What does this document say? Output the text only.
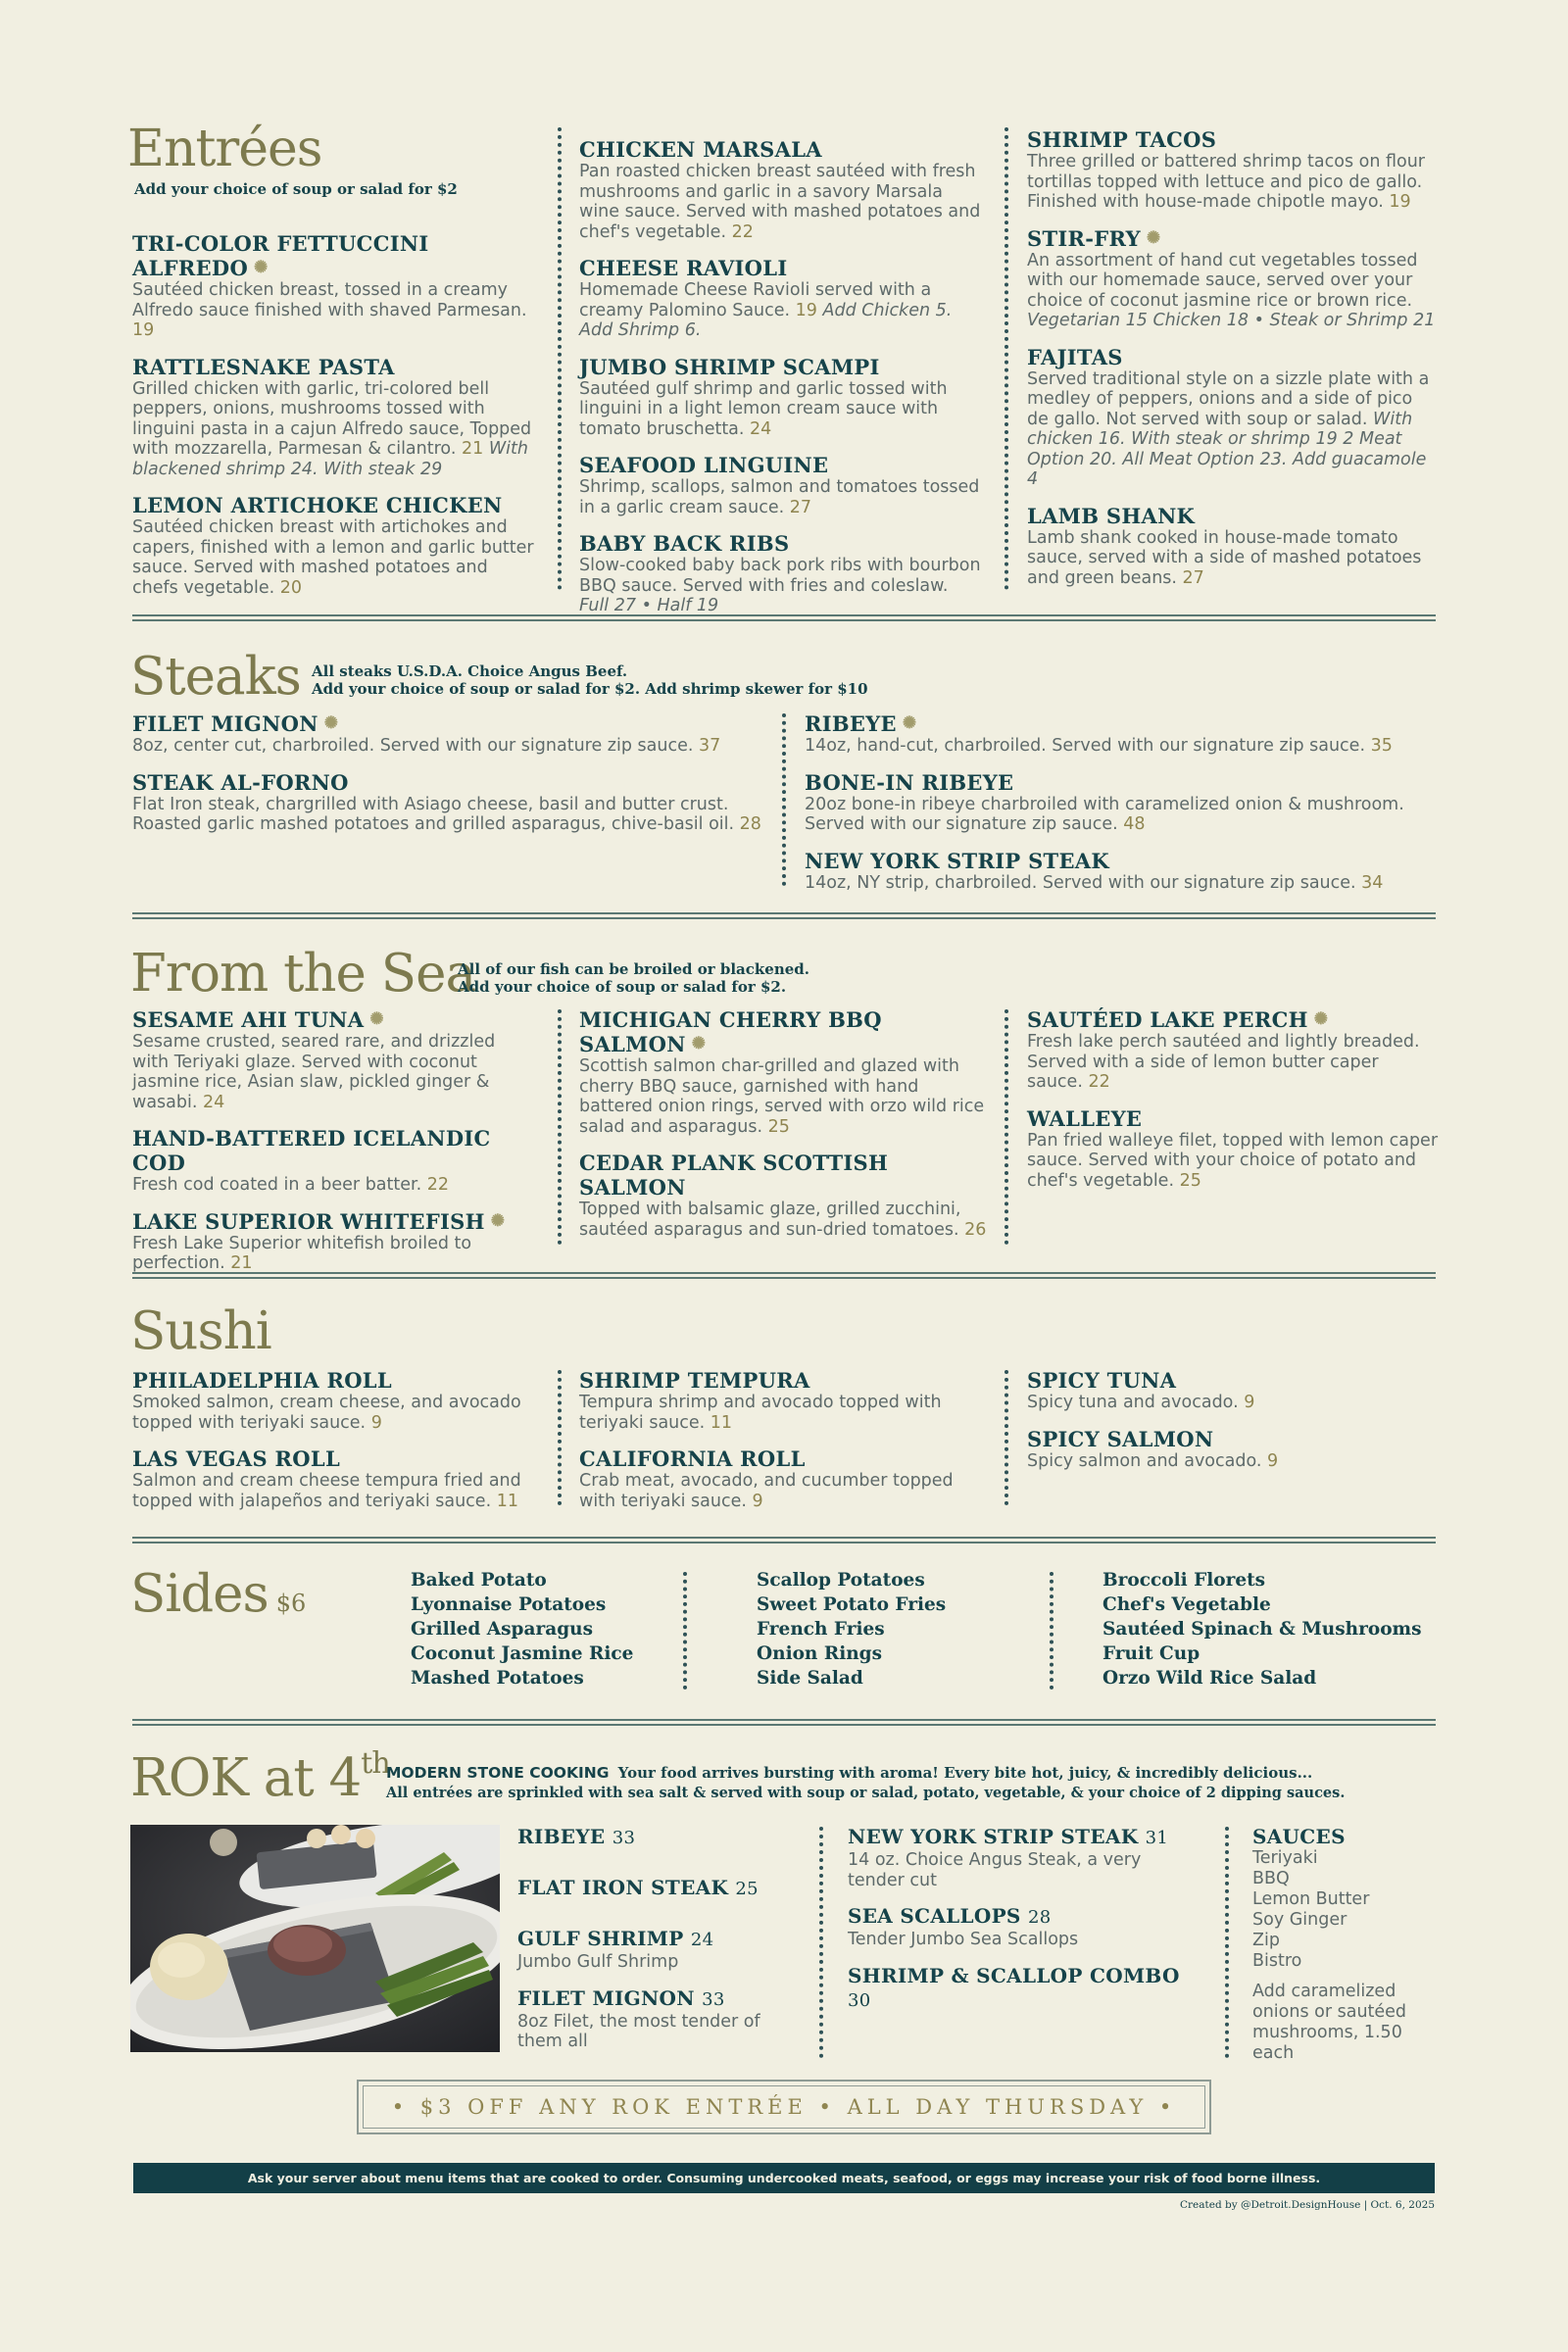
Entrées
Add your choice of soup or salad for $2
TRI-COLOR FETTUCCINI ALFREDO ✺
Sautéed chicken breast, tossed in a creamy Alfredo sauce finished with shaved Parmesan. 19
RATTLESNAKE PASTA
Grilled chicken with garlic, tri-colored bell peppers, onions, mushrooms tossed with linguini pasta in a cajun Alfredo sauce, Topped with mozzarella, Parmesan & cilantro. 21 With blackened shrimp 24. With steak 29
LEMON ARTICHOKE CHICKEN
Sautéed chicken breast with artichokes and capers, finished with a lemon and garlic butter sauce. Served with mashed potatoes and chefs vegetable. 20
CHICKEN MARSALA
Pan roasted chicken breast sautéed with fresh mushrooms and garlic in a savory Marsala wine sauce. Served with mashed potatoes and chef's vegetable. 22
CHEESE RAVIOLI
Homemade Cheese Ravioli served with a creamy Palomino Sauce. 19 Add Chicken 5. Add Shrimp 6.
JUMBO SHRIMP SCAMPI
Sautéed gulf shrimp and garlic tossed with linguini in a light lemon cream sauce with tomato bruschetta. 24
SEAFOOD LINGUINE
Shrimp, scallops, salmon and tomatoes tossed in a garlic cream sauce. 27
BABY BACK RIBS
Slow-cooked baby back pork ribs with bourbon BBQ sauce. Served with fries and coleslaw. Full 27 • Half 19
SHRIMP TACOS
Three grilled or battered shrimp tacos on flour tortillas topped with lettuce and pico de gallo. Finished with house-made chipotle mayo. 19
STIR-FRY ✺
An assortment of hand cut vegetables tossed with our homemade sauce, served over your choice of coconut jasmine rice or brown rice. Vegetarian 15 Chicken 18 • Steak or Shrimp 21
FAJITAS
Served traditional style on a sizzle plate with a medley of peppers, onions and a side of pico de gallo. Not served with soup or salad. With chicken 16. With steak or shrimp 19 2 Meat Option 20. All Meat Option 23. Add guacamole 4
LAMB SHANK
Lamb shank cooked in house-made tomato sauce, served with a side of mashed potatoes and green beans. 27
Steaks All steaks U.S.D.A. Choice Angus Beef.
Add your choice of soup or salad for $2. Add shrimp skewer for $10
FILET MIGNON ✺
8oz, center cut, charbroiled. Served with our signature zip sauce. 37
STEAK AL-FORNO
Flat Iron steak, chargrilled with Asiago cheese, basil and butter crust. Roasted garlic mashed potatoes and grilled asparagus, chive-basil oil. 28
RIBEYE ✺
14oz, hand-cut, charbroiled. Served with our signature zip sauce. 35
BONE-IN RIBEYE
20oz bone-in ribeye charbroiled with caramelized onion & mushroom. Served with our signature zip sauce. 48
NEW YORK STRIP STEAK
14oz, NY strip, charbroiled. Served with our signature zip sauce. 34
From the Sea
All of our fish can be broiled or blackened.
Add your choice of soup or salad for $2.
SESAME AHI TUNA ✺
Sesame crusted, seared rare, and drizzled with Teriyaki glaze. Served with coconut jasmine rice, Asian slaw, pickled ginger & wasabi. 24
HAND-BATTERED ICELANDIC COD
Fresh cod coated in a beer batter. 22
LAKE SUPERIOR WHITEFISH ✺
Fresh Lake Superior whitefish broiled to perfection. 21
MICHIGAN CHERRY BBQ SALMON ✺
Scottish salmon char-grilled and glazed with cherry BBQ sauce, garnished with hand battered onion rings, served with orzo wild rice salad and asparagus. 25
CEDAR PLANK SCOTTISH SALMON
Topped with balsamic glaze, grilled zucchini, sautéed asparagus and sun-dried tomatoes. 26
SAUTÉED LAKE PERCH ✺
Fresh lake perch sautéed and lightly breaded. Served with a side of lemon butter caper sauce. 22
WALLEYE
Pan fried walleye filet, topped with lemon caper sauce. Served with your choice of potato and chef's vegetable. 25
Sushi
PHILADELPHIA ROLL
Smoked salmon, cream cheese, and avocado topped with teriyaki sauce. 9
LAS VEGAS ROLL
Salmon and cream cheese tempura fried and topped with jalapeños and teriyaki sauce. 11
SHRIMP TEMPURA
Tempura shrimp and avocado topped with teriyaki sauce. 11
CALIFORNIA ROLL
Crab meat, avocado, and cucumber topped with teriyaki sauce. 9
SPICY TUNA
Spicy tuna and avocado. 9
SPICY SALMON
Spicy salmon and avocado. 9
Sides $6
Baked Potato
Lyonnaise Potatoes
Grilled Asparagus
Coconut Jasmine Rice
Mashed Potatoes
Scallop Potatoes
Sweet Potato Fries
French Fries
Onion Rings
Side Salad
Broccoli Florets
Chef's Vegetable
Sautéed Spinach & Mushrooms
Fruit Cup
Orzo Wild Rice Salad
ROK at 4th
MODERN STONE COOKING Your food arrives bursting with aroma! Every bite hot, juicy, & incredibly delicious...
All entrées are sprinkled with sea salt & served with soup or salad, potato, vegetable, & your choice of 2 dipping sauces.
RIBEYE 33
FLAT IRON STEAK 25
GULF SHRIMP 24
Jumbo Gulf Shrimp
FILET MIGNON 33
8oz Filet, the most tender of them all
NEW YORK STRIP STEAK 31
14 oz. Choice Angus Steak, a very tender cut
SEA SCALLOPS 28
Tender Jumbo Sea Scallops
SHRIMP & SCALLOP COMBO 30
SAUCES
Teriyaki
BBQ
Lemon Butter
Soy Ginger
Zip
Bistro
Add caramelized onions or sautéed mushrooms, 1.50 each
• $3 OFF ANY ROK ENTRÉE • ALL DAY THURSDAY •
Ask your server about menu items that are cooked to order. Consuming undercooked meats, seafood, or eggs may increase your risk of food borne illness.
Created by @Detroit.DesignHouse | Oct. 6, 2025
